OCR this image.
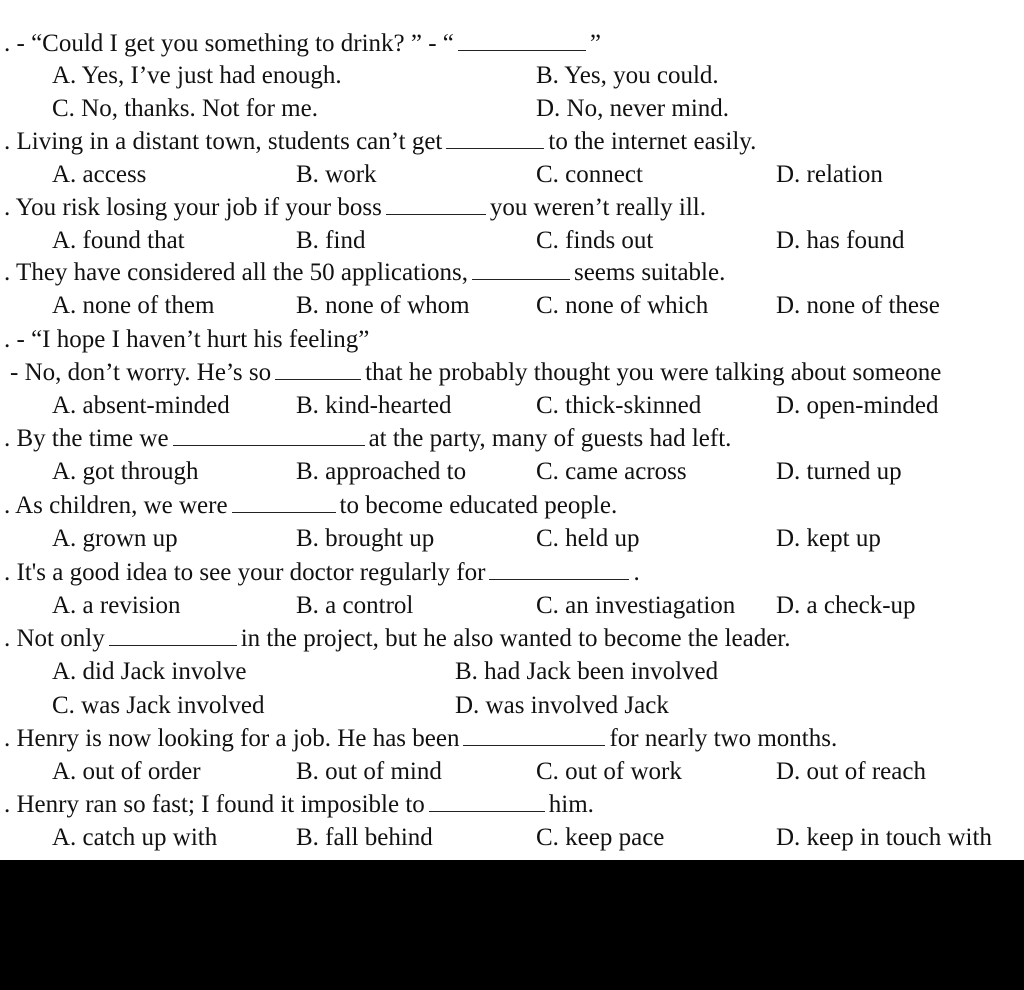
. - “Could I get you something to drink? ” - “	”
A. Yes, I’ve just had enough.	B. Yes, you could.
C. No, thanks. Not for me.	D. No, never mind.
. Living in a distant town, students can’t get	to the internet easily.
A. access	B. work	C. connect	D. relation
. You risk losing your job if your boss	you weren’t really ill.
A. found that	B. find	C. finds out	D. has found
. They have considered all the 50 applications,	seems suitable.
A. none of them	B. none of whom	C. none of which	D. none of these
. - “I hope I haven’t hurt his feeling”
- No, don’t worry. He’s so	that he probably thought you were talking about someone
A. absent-minded	B. kind-hearted	C. thick-skinned	D. open-minded
. By the time we	at the party, many of guests had left.
A. got through	B. approached to	C. came across	D. turned up
. As children, we were	to become educated people.
A. grown up	B. brought up	C. held up	D. kept up
. It's a good idea to see your doctor regularly for	.
A. a revision	B. a control	C. an investiagation D. a check-up
. Not only	in the project, but he also wanted to become the leader.
A. did Jack involve	B. had Jack been involved
C. was Jack involved	D. was involved Jack
. Henry is now looking for a job. He has been	for nearly two months.
A. out of order	B. out of mind	C. out of work	D. out of reach
. Henry ran so fast; I found it imposible to	him.
A. catch up with	B. fall behind	C. keep pace	D. keep in touch with
